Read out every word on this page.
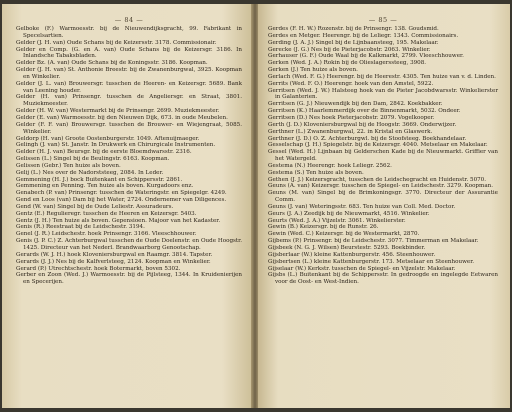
— 84 —
Gelboke (F.) Warmoesstr. bij de Nieuwendijksgracht, 99. Fabrikant in Specelsartien.
Gelder (J. H. van) Oude Schans bij de Keizersstr. 3178. Commissionair.
Gelder en Comp. (G. en A. van) Oude Schans bij de Keizersgr. 3186. In Inlandsche Tabaksbladen.
Gelder Bz. (A. van) Oude Schans bij de Koningsstr. 3186. Koopman.
Gelder (J. H. van) St. Anthonie Breestr. bij de Zwanenburgwal, 3925. Koopman en Winkelier.
Gelder (J. L. van) Brouwersgr. tusschen de Heeren- en Keizersgr. 5689. Bank van Leening houder.
Gelder (H. van) Prinsengr. tusschen de Angeliersgr. en Straat, 3801. Muziekmeester.
Gelder (H. W. van) Westermarkt bij de Prinsengr. 2699. Muziekmeester.
Gelder (E. van) Warmoesstr. bij den Nieuwen Dijk, 673. in oude Meubelen.
Gelder (F. F. van) Brouwersgr. tusschen de Brouwer- en Wiejengraat, 5085. Winkelier.
Geldorp (H. van) Groote Oostenburgerstr. 1049. Aftenuijmaeger.
Gelingh (J. van) St. Janstr. In Drukwerk en Chirurgicale Instrumenten.
Gelder (H. J. van) Beursgr. bij de eerste Bloemdwarsstr. 2316.
Gelissen (L.) Singel bij de Beulingstr. 6163. Koopman.
Gelissen (Gebr.) Ten huize als boven.
Gelij (L.) Nes over de Nadorststeeg, 2084. In Leder.
Gemmening (H. J.) bock Buitenkant en Schippersstr. 2861.
Gemmening en Penning. Ten huize als boven. Kurgadoors enz.
Genabech (P. van) Prinsengr. tusschen de Wateringstr. en Spiegelgr. 4249.
Gend en Loos (van) Dam bij het Water, 2724. Ondernemer van Diligences.
Gend (W. van) Singel bij de Oude Leliestr. Assuradeurs.
Gentz (E.) Regulieregr. tusschen de Heeren en Keizersgr. 5403.
Gentz (J. H.) Ten huize als boven. Gepensioen. Majoor van het Kadaster.
Genis (R.) Reestraat bij de Leidschestr. 3194.
Genel (J. R.) Leidschestr. hoek Prinsengr. 3166. Vleeschhouwer.
Genis (J. P. C.) Z. Achterburgwal tusschen de Oude Doelenstr. en Oude Hoogstr. 1425. Directeur van het Nederl. Brandwaarborg Genootschap.
Gerards (W. J. H.) hoek Kloveniersburgwal en Raamgr. 3814. Tapster.
Gerards (J. J.) Nes bij de Kalfverlsteeg, 2124. Koopman en Winkelier.
Gerard (P.) Utrechtschestr. hoek Botermarkt, boven 5302.
Gerber en Zoon (Wed. J.) Warmoesstr. bij de Pijlsteeg, 1344. In Kruidenierijen en Specerijen.
— 85 —
Gerdes (F. H. W.) Rozenstr. bij de Prinsengr. 138. Goudsmid.
Gerdes en Metger. Heerengr. bij de Leliegr. 1343. Commissionairs.
Gerding (J. A. J.) Singel bij de Lijnbaansteeg, 195. Makelaar.
Gerecke (J. G.) Nes bij de Pieterjacobstr. 2063. Winkelier.
Gerhauser (G. F.) Oude Waal bij de Kalkmarkt, 2799. Vleeschhouwer.
Gerken (Wed. J. A.) Rokin bij de Olieslagerssteeg, 3908.
Gerken (J.) Ten huize als boven.
Gerlach (Wed. F. G.) Heerengr. bij de Heerestr. 4305. Ten huize van v. d. Linden.
Gerrits (Wed. F. O.) Heerengr. hoek van den Amstel, 5922.
Gerritsen (Wed. J. W.) Halsteeg hoek van de Pieter Jacobdwarsstr. Winkelierster in Galanterien.
Gerritsen (G. J.) Nieuwendijk bij den Dam, 2842. Koekbakker.
Gerritsen (K.) Haarlemmerdijk over de Binnenmarkt, 5032. Ondeer.
Gerritsen (D.) Nes hoek Pieterjacobstr. 2079. Vogelkooper.
Gerth (J. D.) Kloveniersburgwal bij de Hoogstr. 3669. Onderwijzer.
Gerthner (L.) Zwanenburgwal, 22. in Kristal en Glaswerk.
Gerthner (J. D.) O. Z. Achterburgwl. bij de Stoofsteeg. Boekhandelaar.
Gesselschap (J. H.) Spiegelstr. bij de Keizersgr. 4040. Metselaar en Makelaar.
Gessel (Wed. H.) Lijnbaan bij Gelderschen Kade bij de Nieuwmarkt. Griffier van het Watergeld.
Gestema (N.) Heerengr. hoek Leliegr. 2562.
Gestema (S.) Ten huize als boven.
Gethen (J. J.) Keizersgracht, tusschen de Leidschegracht en Huidenstr. 5070.
Geuns (A. van) Keizersgr. tusschen de Spiegel- en Leidschestr. 3279. Koopman.
Geuns (M. van) Singel bij de Brimkoningsgr. 3770. Directeur der Assurantie Comm.
Geuns (J. van) Weteringsstr. 683. Ten huize van Coll. Med. Doctor.
Geurs (J. A.) Zeedijk bij de Nieuwmarkt, 4516. Winkelier.
Geurts (Wed. J. A.) Vijzelstr. 3061. Winkelierster.
Gewin (B.) Keizersgr. bij de Runstr. 26.
Gewin (Wed. C.) Keizersgr. bij de Westermarkt, 2870.
Gijbems (P.) Prinsengr. bij de Leidschestr. 3077. Timmerman en Makelaar.
Gijsbeek (N. G. J. Wilsen) Beurstestr. 5293. Boekbinder.
Gijsberlaar (W.) kleine Kattenburgerstr. 456. Steenhouwer.
Gijsbertsen (L.) kleine Kattenburgerstr. 173. Metselaar en Steenhouwer.
Gijselaar (W.) Kerkstr. tusschen de Spiegel- en Vijzelstr. Makelaar.
Gijsbs (L.) Buitenkant bij de Schippersstr. In gedroogde en ingelegde Eetwaren voor de Oost- en West-Indien.
